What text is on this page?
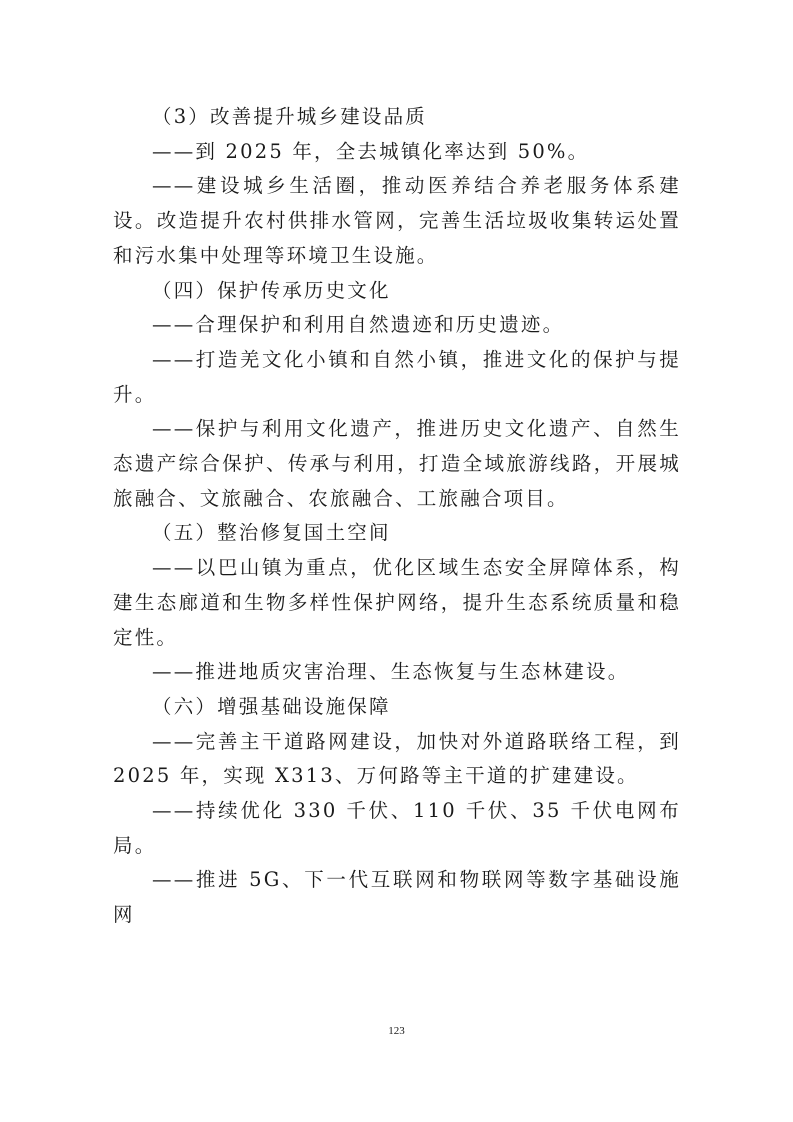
（3）改善提升城乡建设品质

——到 2025 年，全去城镇化率达到 50%。

——建设城乡生活圈，推动医养结合养老服务体系建设。改造提升农村供排水管网，完善生活垃圾收集转运处置和污水集中处理等环境卫生设施。

（四）保护传承历史文化

——合理保护和利用自然遗迹和历史遗迹。

——打造羌文化小镇和自然小镇，推进文化的保护与提升。

——保护与利用文化遗产，推进历史文化遗产、自然生态遗产综合保护、传承与利用，打造全域旅游线路，开展城旅融合、文旅融合、农旅融合、工旅融合项目。

（五）整治修复国土空间

——以巴山镇为重点，优化区域生态安全屏障体系，构建生态廊道和生物多样性保护网络，提升生态系统质量和稳定性。

——推进地质灾害治理、生态恢复与生态林建设。

（六）增强基础设施保障

——完善主干道路网建设，加快对外道路联络工程，到 2025 年，实现 X313、万何路等主干道的扩建建设。

——持续优化 330 千伏、110 千伏、35 千伏电网布局。

——推进 5G、下一代互联网和物联网等数字基础设施网

123
